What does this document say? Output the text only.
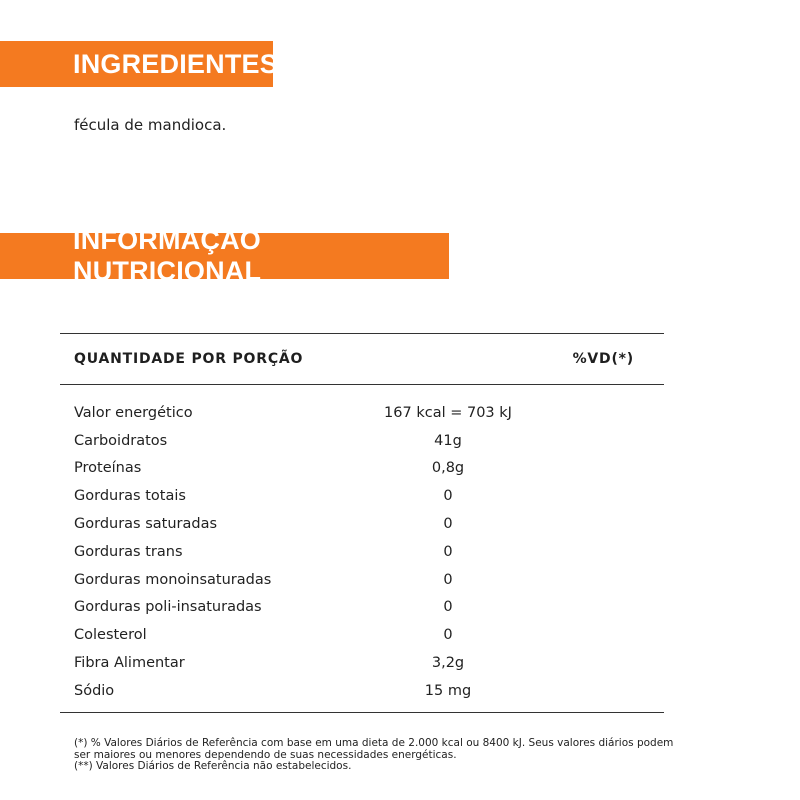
INGREDIENTES
fécula de mandioca.
INFORMAÇÃO NUTRICIONAL
QUANTIDADE POR PORÇÃO	%VD(*)
Valor energético	167 kcal = 703 kJ
Carboidratos	41g
Proteínas	0,8g
Gorduras totais	0
Gorduras saturadas	0
Gorduras trans	0
Gorduras monoinsaturadas	0
Gorduras poli-insaturadas	0
Colesterol	0
Fibra Alimentar	3,2g
Sódio	15 mg
(*) % Valores Diários de Referência com base em uma dieta de 2.000 kcal ou 8400 kJ. Seus valores diários podem ser maiores ou menores dependendo de suas necessidades energéticas.
(**) Valores Diários de Referência não estabelecidos.
